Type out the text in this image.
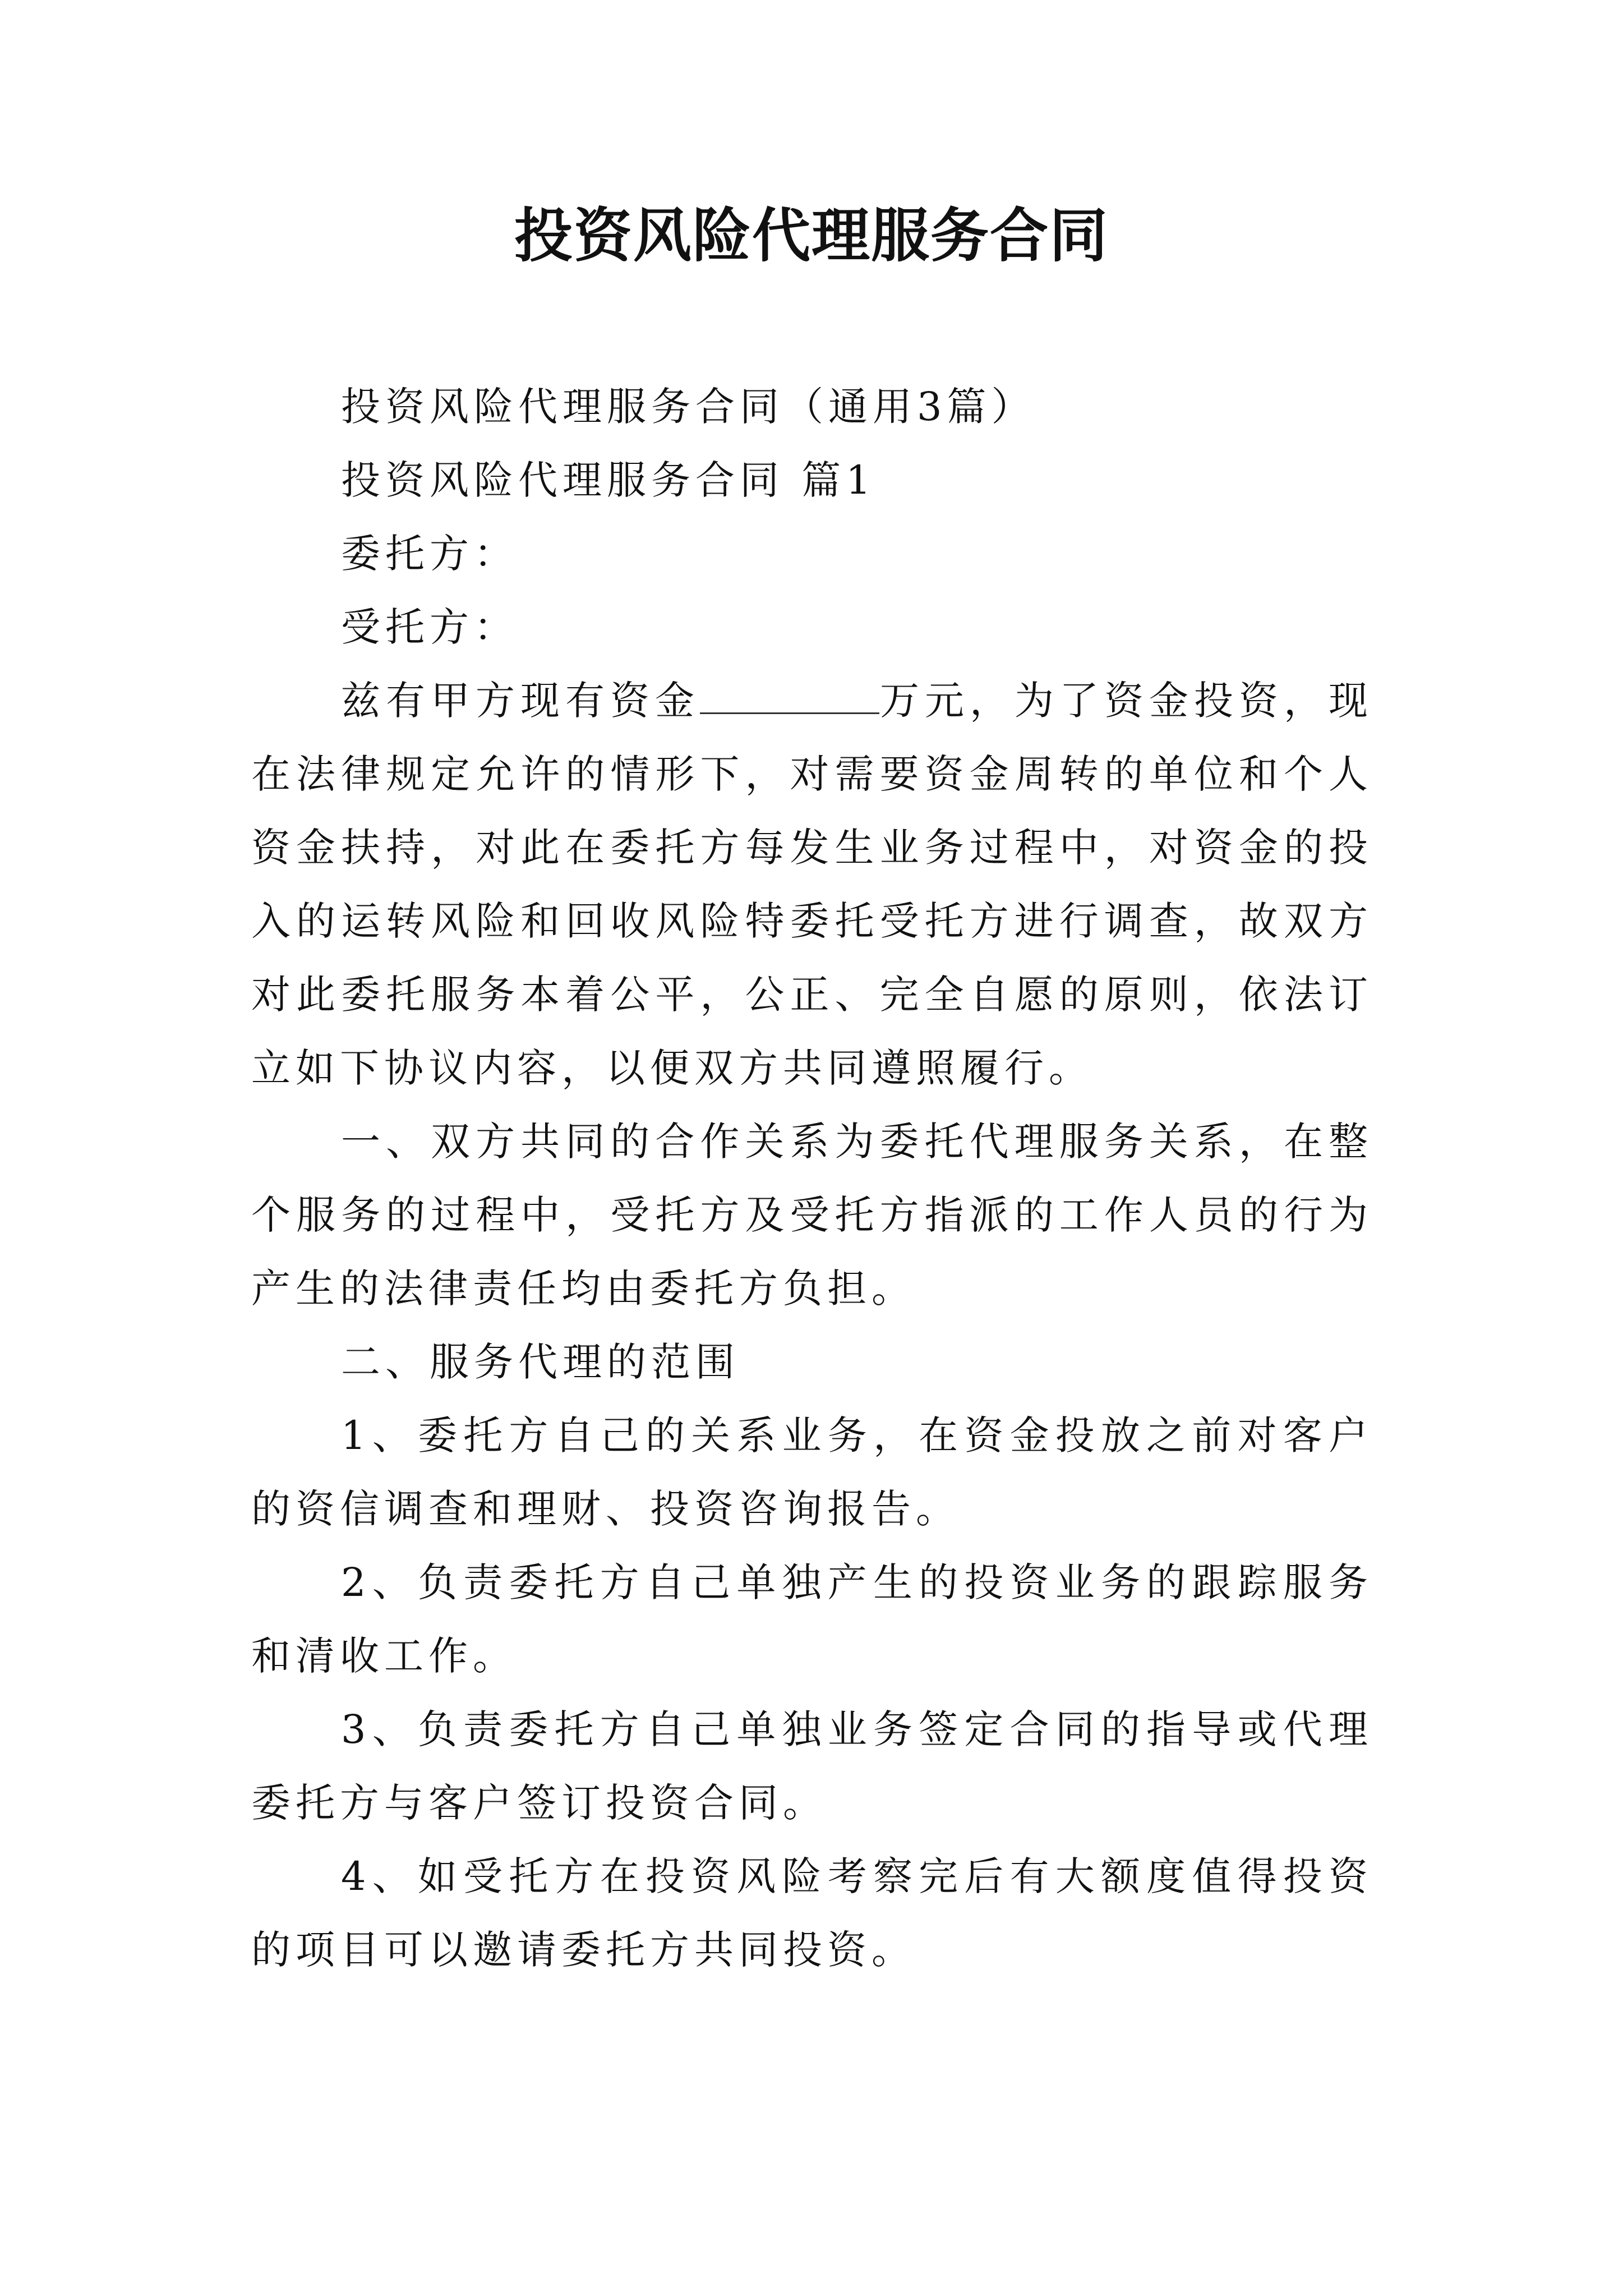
投资风险代理服务合同

投资风险代理服务合同（通用3篇）

投资风险代理服务合同 篇1

委托方：

受托方：

兹有甲方现有资金	万元，为了资金投资，现在法律规定允许的情形下，对需要资金周转的单位和个人资金扶持，对此在委托方每发生业务过程中，对资金的投入的运转风险和回收风险特委托受托方进行调查，故双方对此委托服务本着公平，公正、完全自愿的原则，依法订立如下协议内容，以便双方共同遵照履行。

一、双方共同的合作关系为委托代理服务关系，在整个服务的过程中，受托方及受托方指派的工作人员的行为产生的法律责任均由委托方负担。

二、服务代理的范围

1、委托方自己的关系业务，在资金投放之前对客户的资信调查和理财、投资咨询报告。

2、负责委托方自己单独产生的投资业务的跟踪服务和清收工作。

3、负责委托方自己单独业务签定合同的指导或代理委托方与客户签订投资合同。

4、如受托方在投资风险考察完后有大额度值得投资的项目可以邀请委托方共同投资。
